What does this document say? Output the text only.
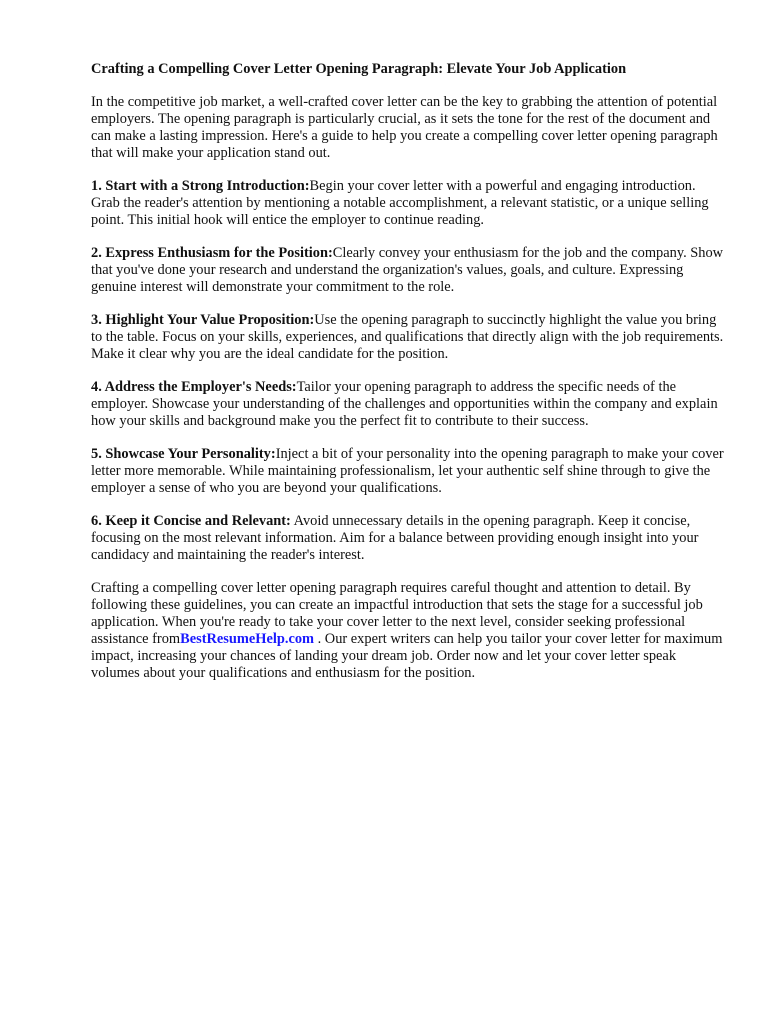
Crafting a Compelling Cover Letter Opening Paragraph: Elevate Your Job Application

In the competitive job market, a well-crafted cover letter can be the key to grabbing the attention of potential employers. The opening paragraph is particularly crucial, as it sets the tone for the rest of the document and can make a lasting impression. Here's a guide to help you create a compelling cover letter opening paragraph that will make your application stand out.

1. Start with a Strong Introduction:Begin your cover letter with a powerful and engaging introduction. Grab the reader's attention by mentioning a notable accomplishment, a relevant statistic, or a unique selling point. This initial hook will entice the employer to continue reading.

2. Express Enthusiasm for the Position:Clearly convey your enthusiasm for the job and the company. Show that you've done your research and understand the organization's values, goals, and culture. Expressing genuine interest will demonstrate your commitment to the role.

3. Highlight Your Value Proposition:Use the opening paragraph to succinctly highlight the value you bring to the table. Focus on your skills, experiences, and qualifications that directly align with the job requirements. Make it clear why you are the ideal candidate for the position.

4. Address the Employer's Needs:Tailor your opening paragraph to address the specific needs of the employer. Showcase your understanding of the challenges and opportunities within the company and explain how your skills and background make you the perfect fit to contribute to their success.

5. Showcase Your Personality:Inject a bit of your personality into the opening paragraph to make your cover letter more memorable. While maintaining professionalism, let your authentic self shine through to give the employer a sense of who you are beyond your qualifications.

6. Keep it Concise and Relevant: Avoid unnecessary details in the opening paragraph. Keep it concise, focusing on the most relevant information. Aim for a balance between providing enough insight into your candidacy and maintaining the reader's interest.

Crafting a compelling cover letter opening paragraph requires careful thought and attention to detail. By following these guidelines, you can create an impactful introduction that sets the stage for a successful job application. When you're ready to take your cover letter to the next level, consider seeking professional assistance fromBestResumeHelp.com . Our expert writers can help you tailor your cover letter for maximum impact, increasing your chances of landing your dream job. Order now and let your cover letter speak volumes about your qualifications and enthusiasm for the position.
